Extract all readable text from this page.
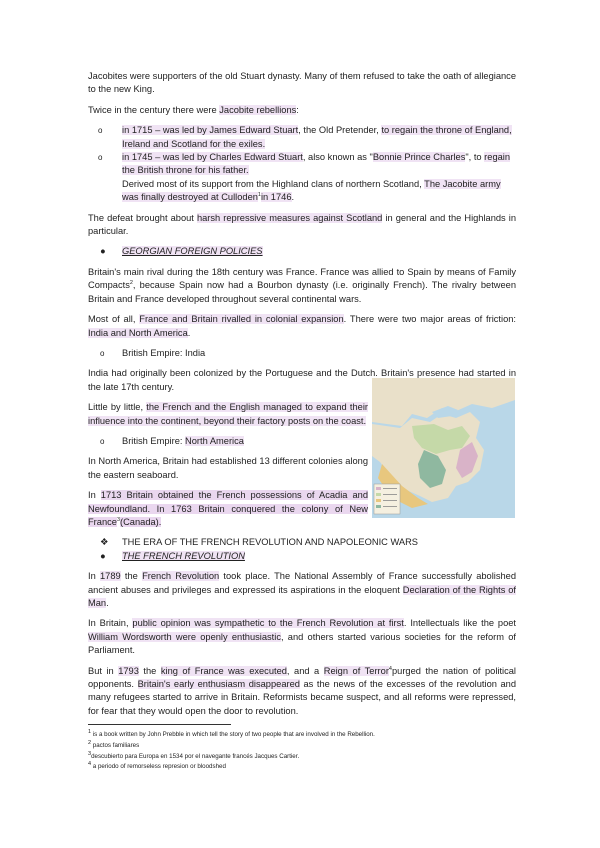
Jacobites were supporters of the old Stuart dynasty. Many of them refused to take the oath of allegiance to the new King.

Twice in the century there were Jacobite rebellions:

o in 1715 – was led by James Edward Stuart, the Old Pretender, to regain the throne of England, Ireland and Scotland for the exiles.
o in 1745 – was led by Charles Edward Stuart, also known as "Bonnie Prince Charles", to regain the British throne for his father.
Derived most of its support from the Highland clans of northern Scotland, The Jacobite army was finally destroyed at Culloden$^1$in 1746.

The defeat brought about harsh repressive measures against Scotland in general and the Highlands in particular.

● GEORGIAN FOREIGN POLICIES

Britain's main rival during the 18th century was France. France was allied to Spain by means of Family Compacts$^2$, because Spain now had a Bourbon dynasty (i.e. originally French). The rivalry between Britain and France developed throughout several continental wars.

Most of all, France and Britain rivalled in colonial expansion. There were two major areas of friction: India and North America.

o British Empire: India

India had originally been colonized by the Portuguese and the Dutch. Britain's presence had started in the late 17th century.

Little by little, the French and the English managed to expand their influence into the continent, beyond their factory posts on the coast.

o British Empire: North America

In North America, Britain had established 13 different colonies along the eastern seaboard.

In 1713 Britain obtained the French possessions of Acadia and Newfoundland. In 1763 Britain conquered the colony of New France$^3$(Canada).

❖ THE ERA OF THE FRENCH REVOLUTION AND NAPOLEONIC WARS
● THE FRENCH REVOLUTION

In 1789 the French Revolution took place. The National Assembly of France successfully abolished ancient abuses and privileges and expressed its aspirations in the eloquent Declaration of the Rights of Man.

In Britain, public opinion was sympathetic to the French Revolution at first. Intellectuals like the poet William Wordsworth were openly enthusiastic, and others started various societies for the reform of Parliament.

But in 1793 the king of France was executed, and a Reign of Terror$^4$purged the nation of political opponents. Britain's early enthusiasm disappeared as the news of the excesses of the revolution and many refugees started to arrive in Britain. Reformists became suspect, and all reforms were repressed, for fear that they would open the door to revolution.

$^1$ is a book written by John Prebble in which tell the story of two people that are involved in the Rebellion.
$^2$ pactos familiares
$^3$descubierto para Europa en 1534 por el navegante francés Jacques Cartier.
$^4$ a periodo of remorseless represion or bloodshed
